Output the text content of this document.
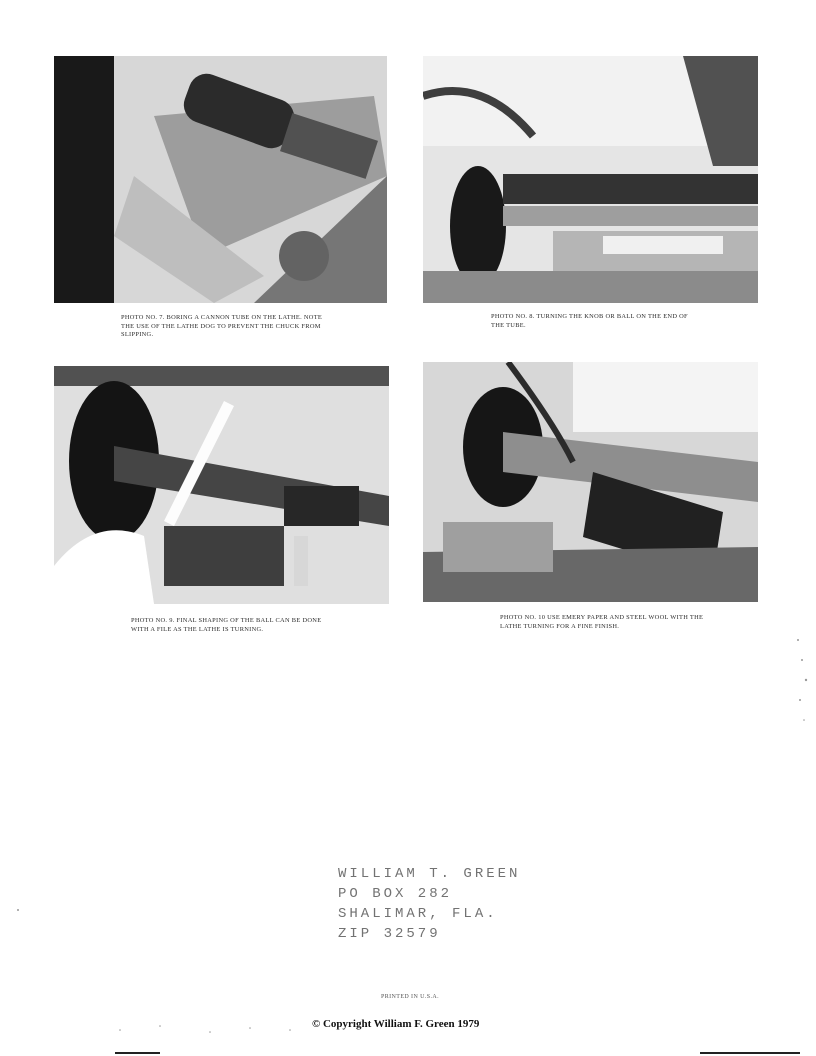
PHOTO NO. 7. BORING A CANNON TUBE ON THE LATHE. NOTE THE USE OF THE LATHE DOG TO PREVENT THE CHUCK FROM SLIPPING.
PHOTO NO. 8. TURNING THE KNOB OR BALL ON THE END OF THE TUBE.
PHOTO NO. 9. FINAL SHAPING OF THE BALL CAN BE DONE WITH A FILE AS THE LATHE IS TURNING.
PHOTO NO. 10 USE EMERY PAPER AND STEEL WOOL WITH THE LATHE TURNING FOR A FINE FINISH.
WILLIAM T. GREEN
PO BOX 282
SHALIMAR, FLA.
ZIP 32579
PRINTED IN U.S.A.
© Copyright William F. Green 1979
